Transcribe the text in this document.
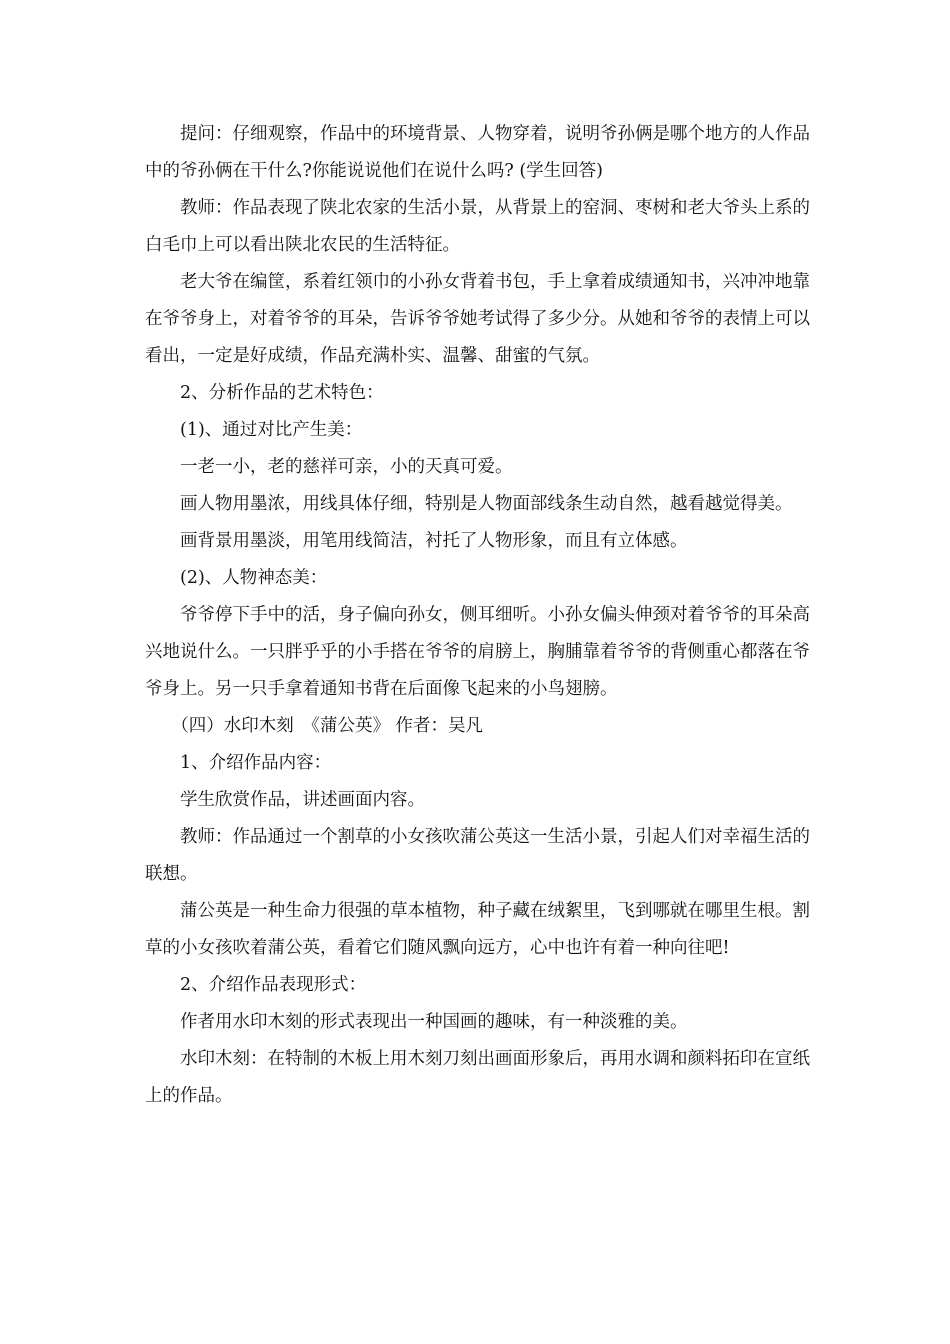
提问：仔细观察，作品中的环境背景、人物穿着，说明爷孙俩是哪个地方的人作品中的爷孙俩在干什么?你能说说他们在说什么吗? (学生回答)

教师：作品表现了陕北农家的生活小景，从背景上的窑洞、枣树和老大爷头上系的白毛巾上可以看出陕北农民的生活特征。

老大爷在编筐，系着红领巾的小孙女背着书包，手上拿着成绩通知书，兴冲冲地靠在爷爷身上，对着爷爷的耳朵，告诉爷爷她考试得了多少分。从她和爷爷的表情上可以看出，一定是好成绩，作品充满朴实、温馨、甜蜜的气氛。

2、分析作品的艺术特色：

(1)、通过对比产生美：

一老一小，老的慈祥可亲，小的天真可爱。

画人物用墨浓，用线具体仔细，特别是人物面部线条生动自然，越看越觉得美。

画背景用墨淡，用笔用线简洁，衬托了人物形象，而且有立体感。

(2)、人物神态美：

爷爷停下手中的活，身子偏向孙女，侧耳细听。小孙女偏头伸颈对着爷爷的耳朵高兴地说什么。一只胖乎乎的小手搭在爷爷的肩膀上，胸脯靠着爷爷的背侧重心都落在爷爷身上。另一只手拿着通知书背在后面像飞起来的小鸟翅膀。

（四）水印木刻　《蒲公英》 作者：吴凡

1、介绍作品内容：

学生欣赏作品，讲述画面内容。

教师：作品通过一个割草的小女孩吹蒲公英这一生活小景，引起人们对幸福生活的联想。

蒲公英是一种生命力很强的草本植物，种子藏在绒絮里，飞到哪就在哪里生根。割草的小女孩吹着蒲公英，看着它们随风飘向远方，心中也许有着一种向往吧!

2、介绍作品表现形式：

作者用水印木刻的形式表现出一种国画的趣味，有一种淡雅的美。

水印木刻：在特制的木板上用木刻刀刻出画面形象后，再用水调和颜料拓印在宣纸上的作品。
